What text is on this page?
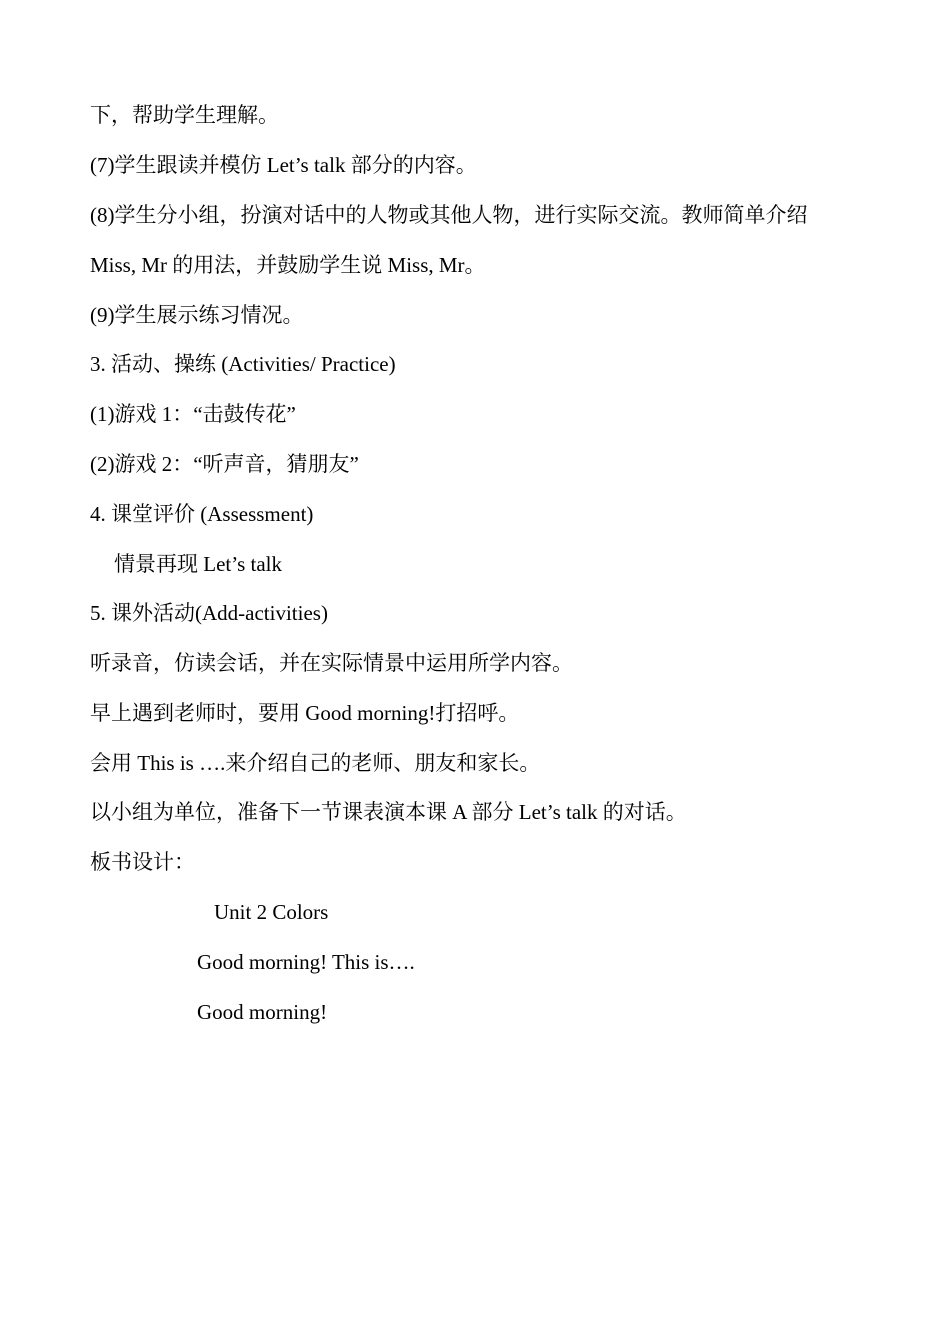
下，帮助学生理解。
(7)学生跟读并模仿 Let’s talk 部分的内容。
(8)学生分小组，扮演对话中的人物或其他人物，进行实际交流。教师简单介绍
Miss, Mr 的用法，并鼓励学生说 Miss, Mr。
(9)学生展示练习情况。
3. 活动、操练 (Activities/ Practice)
(1)游戏 1：“击鼓传花”
(2)游戏 2：“听声音，猜朋友”
4. 课堂评价 (Assessment)
情景再现 Let’s talk
5. 课外活动(Add-activities)
听录音，仿读会话，并在实际情景中运用所学内容。
早上遇到老师时，要用 Good morning!打招呼。
会用 This is ….来介绍自己的老师、朋友和家长。
以小组为单位，准备下一节课表演本课 A 部分 Let’s talk 的对话。
板书设计：
Unit 2 Colors
Good morning! This is….
Good morning!
